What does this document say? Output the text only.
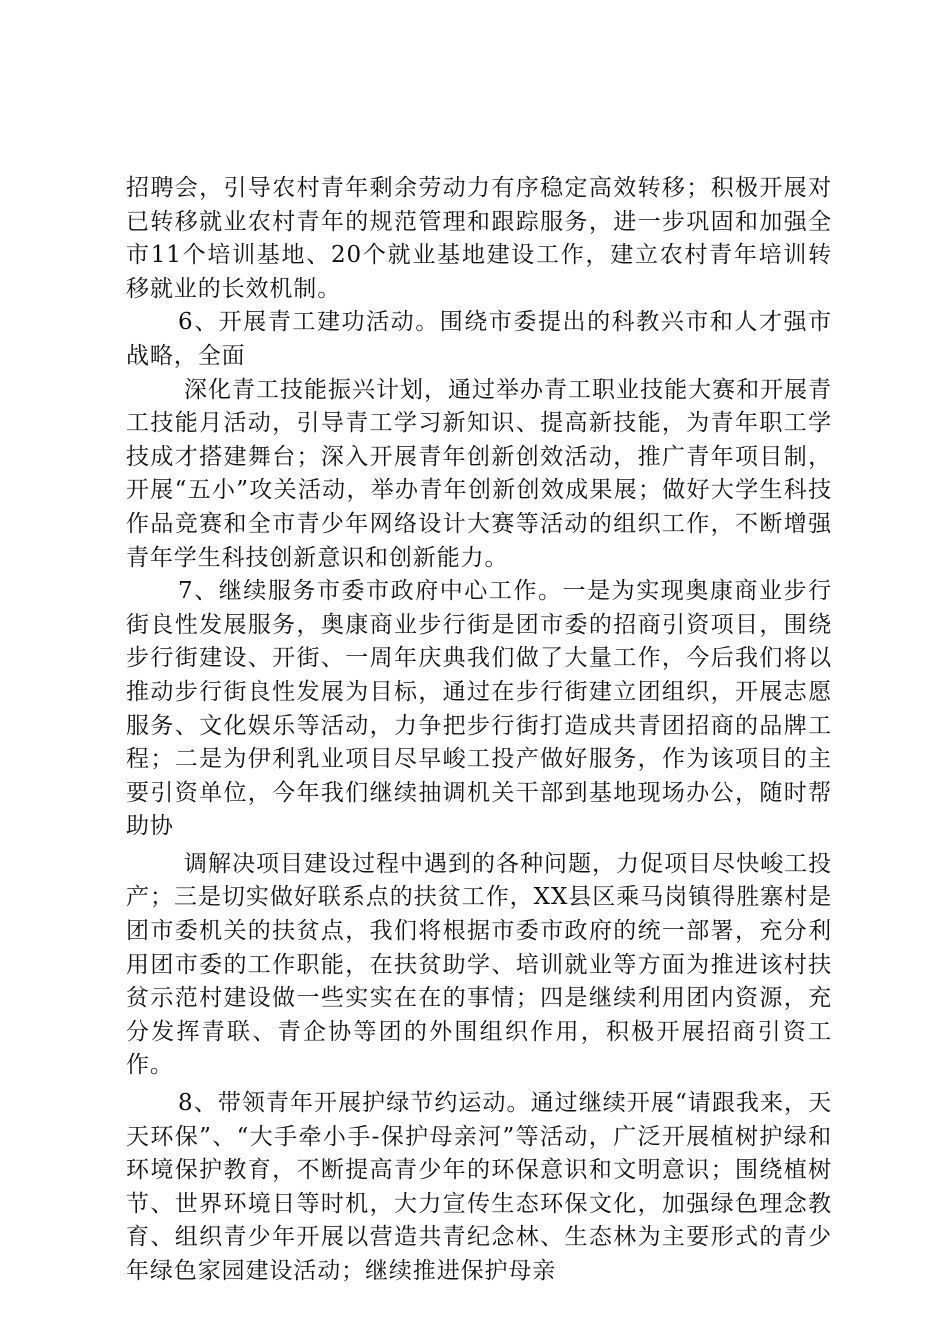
招聘会，引导农村青年剩余劳动力有序稳定高效转移；积极开展对已转移就业农村青年的规范管理和跟踪服务，进一步巩固和加强全市11个培训基地、20个就业基地建设工作，建立农村青年培训转移就业的长效机制。

6、开展青工建功活动。围绕市委提出的科教兴市和人才强市战略，全面

深化青工技能振兴计划，通过举办青工职业技能大赛和开展青工技能月活动，引导青工学习新知识、提高新技能，为青年职工学技成才搭建舞台；深入开展青年创新创效活动，推广青年项目制，开展“五小”攻关活动，举办青年创新创效成果展；做好大学生科技作品竞赛和全市青少年网络设计大赛等活动的组织工作，不断增强青年学生科技创新意识和创新能力。

7、继续服务市委市政府中心工作。一是为实现奥康商业步行街良性发展服务，奥康商业步行街是团市委的招商引资项目，围绕步行街建设、开街、一周年庆典我们做了大量工作，今后我们将以推动步行街良性发展为目标，通过在步行街建立团组织，开展志愿服务、文化娱乐等活动，力争把步行街打造成共青团招商的品牌工程；二是为伊利乳业项目尽早峻工投产做好服务，作为该项目的主要引资单位，今年我们继续抽调机关干部到基地现场办公，随时帮助协

调解决项目建设过程中遇到的各种问题，力促项目尽快峻工投产；三是切实做好联系点的扶贫工作，XX县区乘马岗镇得胜寨村是团市委机关的扶贫点，我们将根据市委市政府的统一部署，充分利用团市委的工作职能，在扶贫助学、培训就业等方面为推进该村扶贫示范村建设做一些实实在在的事情；四是继续利用团内资源，充分发挥青联、青企协等团的外围组织作用，积极开展招商引资工作。

8、带领青年开展护绿节约运动。通过继续开展“请跟我来，天天环保”、“大手牵小手-保护母亲河”等活动，广泛开展植树护绿和环境保护教育，不断提高青少年的环保意识和文明意识；围绕植树节、世界环境日等时机，大力宣传生态环保文化，加强绿色理念教育、组织青少年开展以营造共青纪念林、生态林为主要形式的青少年绿色家园建设活动；继续推进保护母亲
